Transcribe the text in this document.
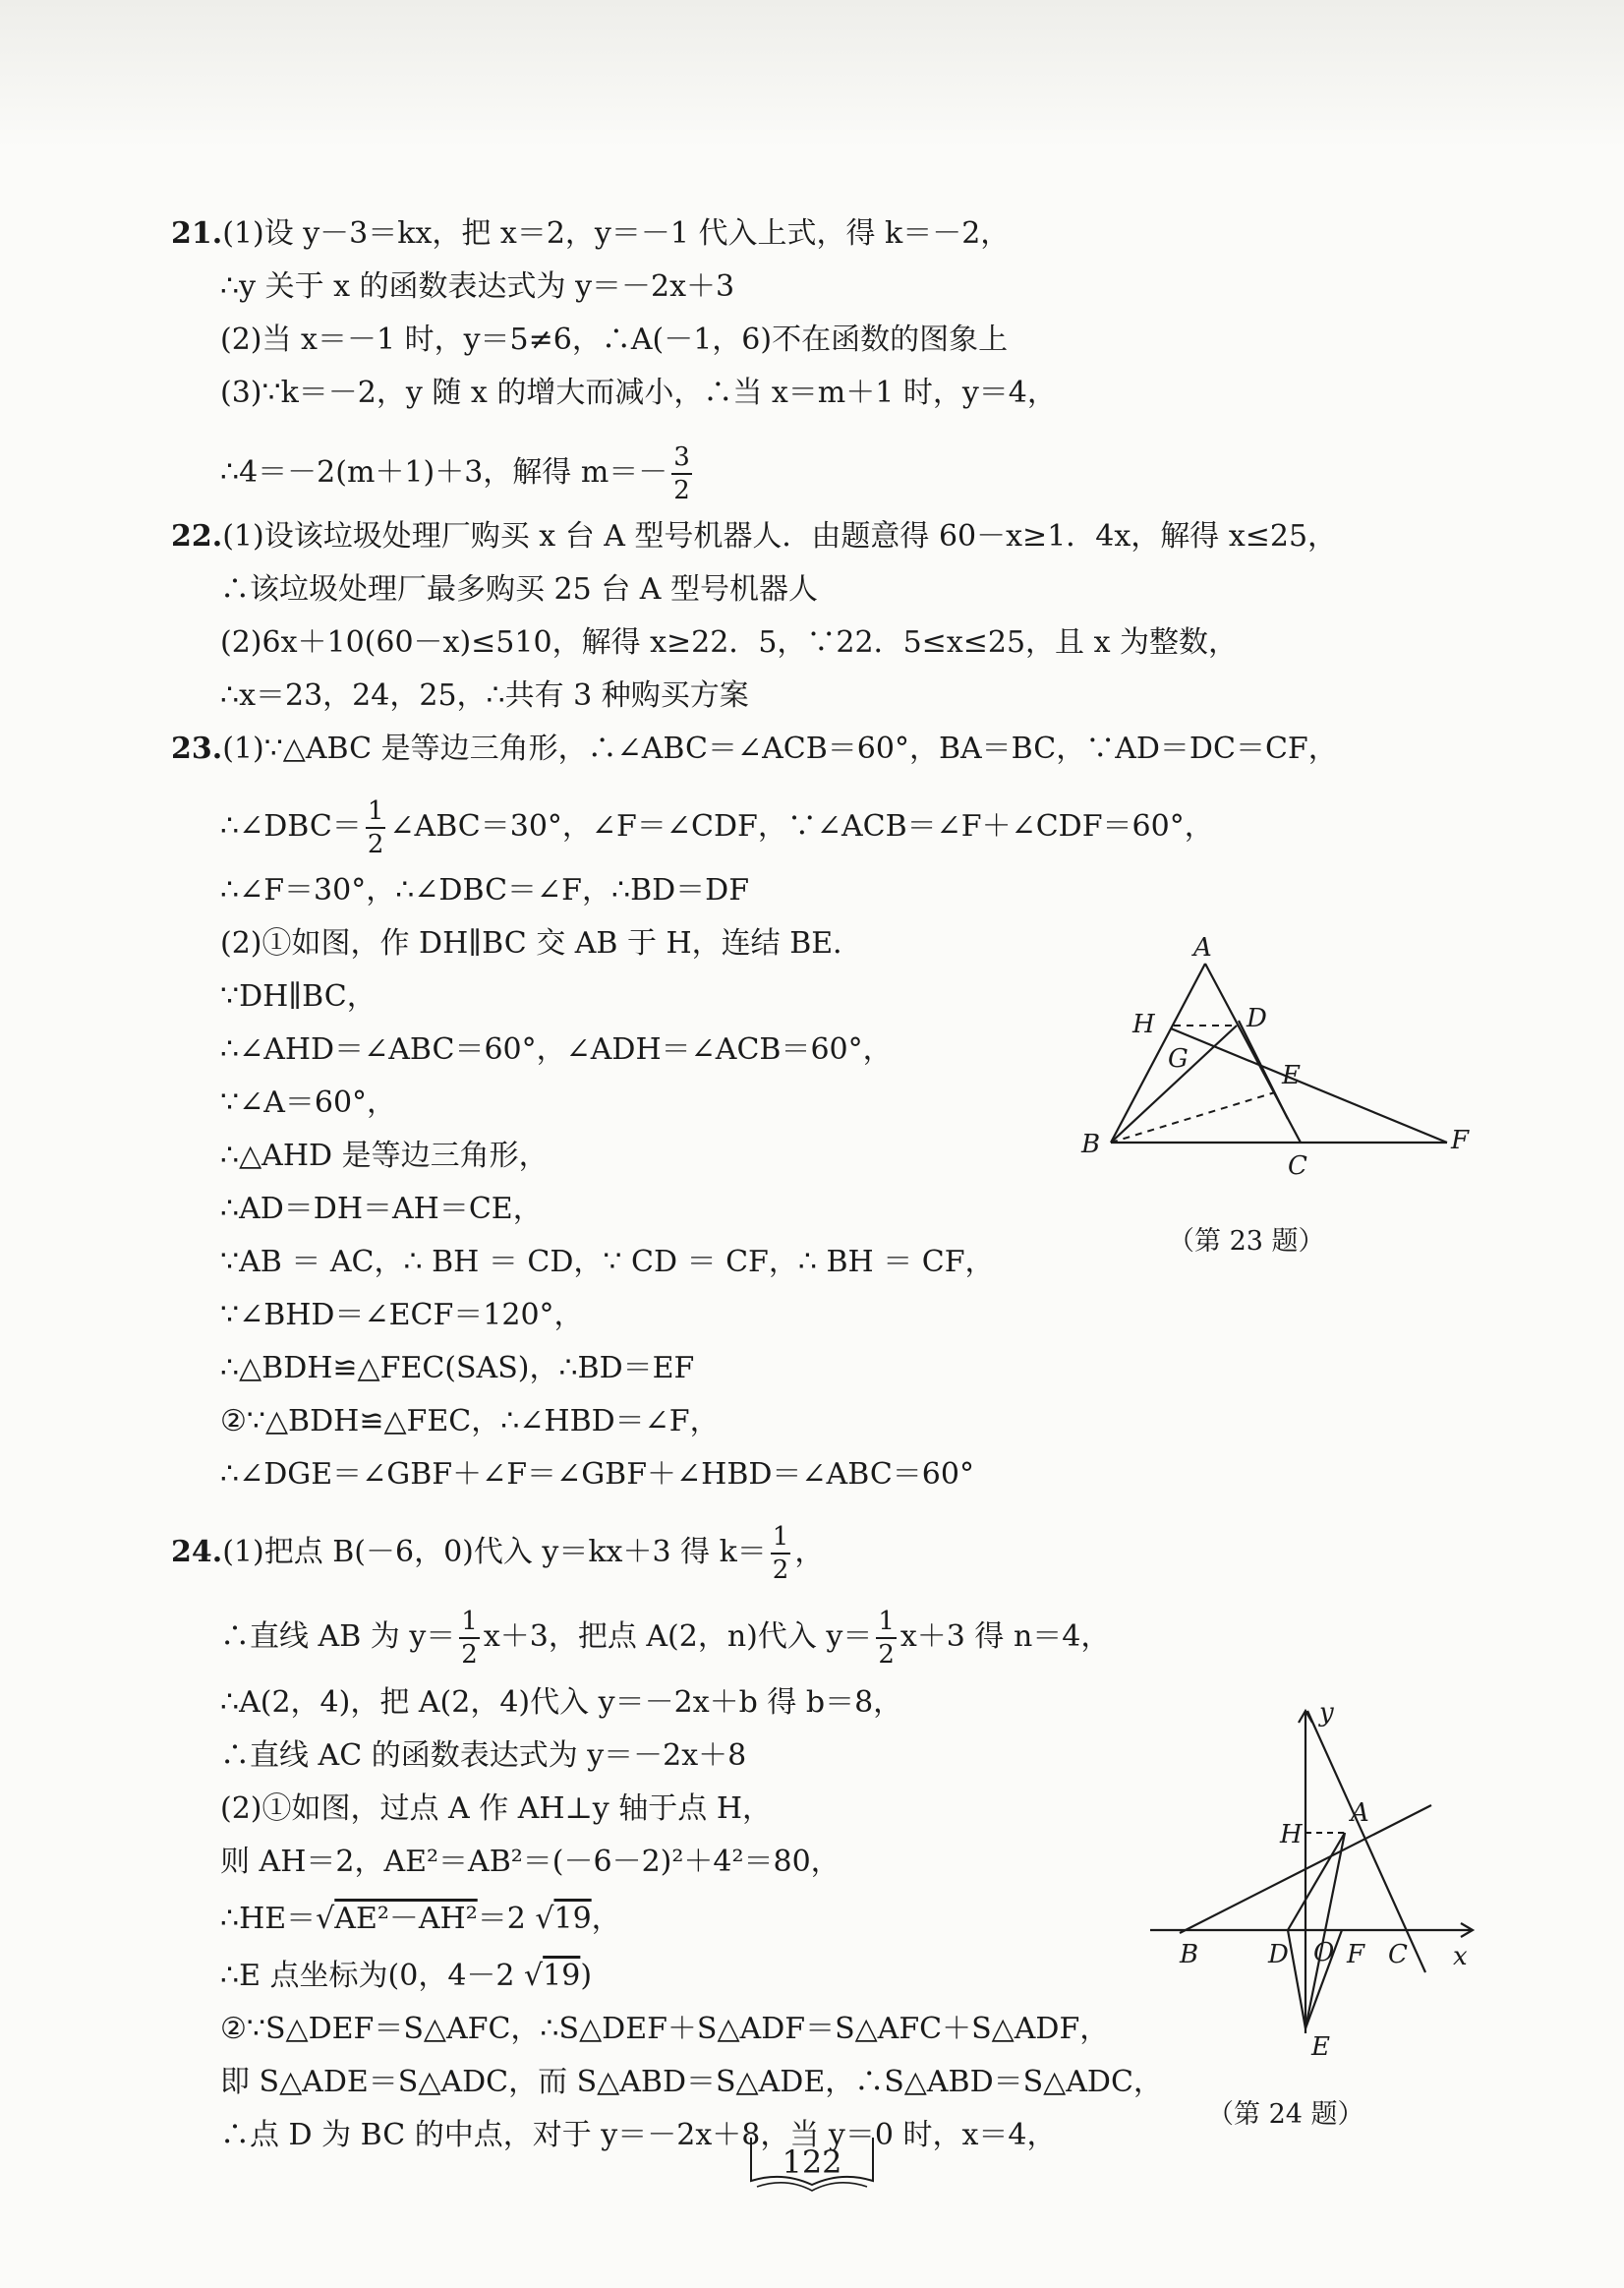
21.(1)设 y－3＝kx，把 x＝2，y＝－1 代入上式，得 k＝－2，
∴y 关于 x 的函数表达式为 y＝－2x＋3
(2)当 x＝－1 时，y＝5≠6，∴A(－1，6)不在函数的图象上
(3)∵k＝－2，y 随 x 的增大而减小，∴当 x＝m＋1 时，y＝4，
∴4＝－2(m＋1)＋3，解得 $m=- \frac{3}{2}$
22.(1)设该垃圾处理厂购买 x 台 A 型号机器人．由题意得 60－x≥1．4x，解得 x≤25，
∴该垃圾处理厂最多购买 25 台 A 型号机器人
(2)6x＋10(60－x)≤510，解得 x≥22．5，∵22．5≤x≤25，且 x 为整数，
∴x＝23，24，25，∴共有 3 种购买方案
23.(1)∵△ABC 是等边三角形，∴∠ABC＝∠ACB＝60°，BA＝BC，∵AD＝DC＝CF，
∴∠DBC＝ $\frac{1}{2}$ ∠ABC＝30°，∠F＝∠CDF，∵∠ACB＝∠F＋∠CDF＝60°，
∴∠F＝30°，∴∠DBC＝∠F，∴BD＝DF
(2)①如图，作 DH∥BC 交 AB 于 H，连结 BE．
∵DH∥BC，
∴∠AHD＝∠ABC＝60°，∠ADH＝∠ACB＝60°，
∵∠A＝60°，
∴△AHD 是等边三角形，
∴AD＝DH＝AH＝CE，
∵AB ＝ AC，∴ BH ＝ CD，∵ CD ＝ CF，∴ BH ＝ CF，
∵∠BHD＝∠ECF＝120°，
∴△BDH≌△FEC(SAS)，∴BD＝EF
②∵△BDH≌△FEC，∴∠HBD＝∠F，
∴∠DGE＝∠GBF＋∠F＝∠GBF＋∠HBD＝∠ABC＝60°
A
H	D
G
E
B
C
F
（第 23 题）
24.(1)把点 B(－6，0)代入 y＝kx＋3 得 $k= \frac{1}{2}$ ，
∴直线 AB 为 $y= \frac{1}{2} x+3$，把点 A(2，n)代入 $y= \frac{1}{2} x+3$ 得 n＝4，
∴A(2，4)，把 A(2，4)代入 y＝－2x＋b 得 b＝8，
∴直线 AC 的函数表达式为 y＝－2x＋8
(2)①如图，过点 A 作 AH⊥y 轴于点 H，
则 AH＝2，AE²＝AB²＝(－6－2)²＋4²＝80，
∴HE＝√AE²－AH²＝2 √19，
∴E 点坐标为(0，4－2 √19)
②∵S△DEF＝S△AFC，∴S△DEF＋S△ADF＝S△AFC＋S△ADF，
即 S△ADE＝S△ADC，而 S△ABD＝S△ADE，∴S△ABD＝S△ADC，
∴点 D 为 BC 的中点，对于 y＝－2x＋8，当 y＝0 时，x＝4，
y
x
A
H
B	D O F C
E
（第 24 题）
122
